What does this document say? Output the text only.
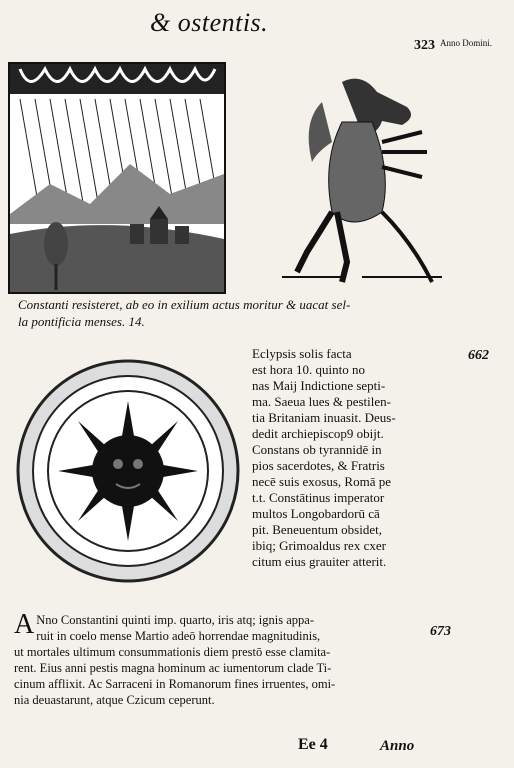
& ostentis.
323 Anno Domini.
Constanti resisteret, ab eo in exilium actus moritur & uacat sel-
la pontificia menses. 14.
Eclypsis solis facta
est hora 10. quinto no
nas Maij Indictione septi-
ma. Saeua lues & pestilen-
tia Britaniam inuasit. Deus-
dedit archiepiscop9 obijt.
Constans ob tyrannidē in
pios sacerdotes, & Fratris
necē suis exosus, Romā pe
t.t. Constātinus imperator
multos Longobardorū cā
pit. Beneuentum obsidet,
ibiq; Grimoaldus rex cxer
citum eius grauiter atterit.
662
A Nno Constantini quinti imp. quarto, iris atq; ignis appa-
ruit in coelo mense Martio adeō horrendae magnitudinis,
ut mortales ultimum consummationis diem prestō esse clamita-
rent. Eius anni pestis magna hominum ac iumentorum clade Ti-
cinum afflixit. Ac Sarraceni in Romanorum fines irruentes, omi-
nia deuastarunt, atque Czicum ceperunt.
673
Ee 4	Anno
